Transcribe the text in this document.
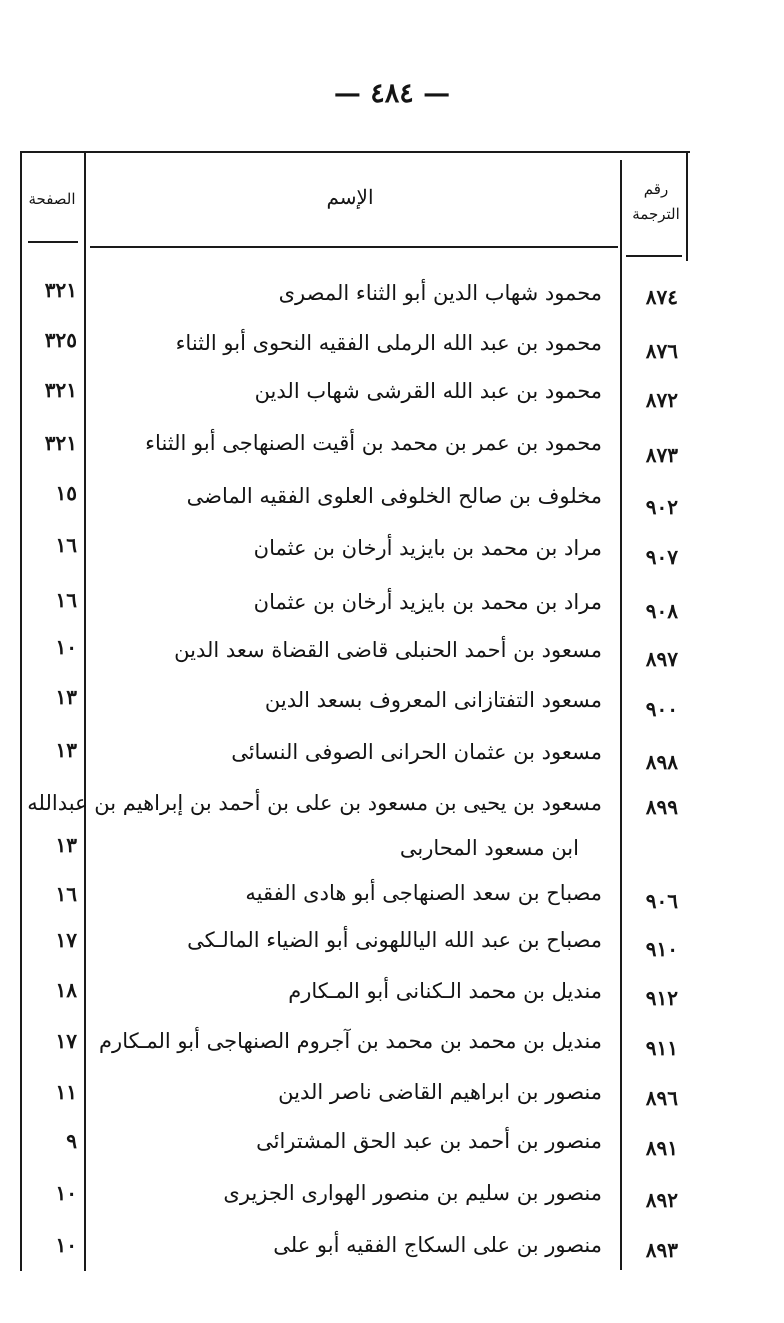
— ٤٨٤ —
الصفحة	الإسم	رقم
الترجمة
٨٧٤
محمود شهاب الدين أبو الثناء المصرى
٣٢١
٨٧٦
محمود بن عبد الله الرملى الفقيه النحوى أبو الثناء
٣٢٥
٨٧٢
محمود بن عبد الله القرشى شهاب الدين
٣٢١
٨٧٣
محمود بن عمر بن محمد بن أقيت الصنهاجى أبو الثناء
٣٢١
٩٠٢
مخلوف بن صالح الخلوفى العلوى الفقيه الماضى
١٥
٩٠٧
مراد بن محمد بن بايزيد أرخان بن عثمان
١٦
٩٠٨
مراد بن محمد بن بايزيد أرخان بن عثمان
١٦
٨٩٧
مسعود بن أحمد الحنبلى قاضى القضاة سعد الدين
١٠
٩٠٠
مسعود التفتازانى المعروف بسعد الدين
١٣
٨٩٨
مسعود بن عثمان الحرانى الصوفى النسائى
١٣
٨٩٩
مسعود بن يحيى بن مسعود بن على بن أحمد بن إبراهيم بن عبدالله
ابن مسعود المحاربى
١٣
٩٠٦
مصباح بن سعد الصنهاجى أبو هادى الفقيه
١٦
٩١٠
مصباح بن عبد الله الياللهونى أبو الضياء المالـكى
١٧
٩١٢
منديل بن محمد الـكنانى أبو المـكارم
١٨
٩١١
منديل بن محمد بن محمد بن آجروم الصنهاجى أبو المـكارم
١٧
٨٩٦
منصور بن ابراهيم القاضى ناصر الدين
١١
٨٩١
منصور بن أحمد بن عبد الحق المشترائى
٩
٨٩٢
منصور بن سليم بن منصور الهوارى الجزيرى
١٠
٨٩٣
منصور بن على السكاج الفقيه أبو على
١٠
